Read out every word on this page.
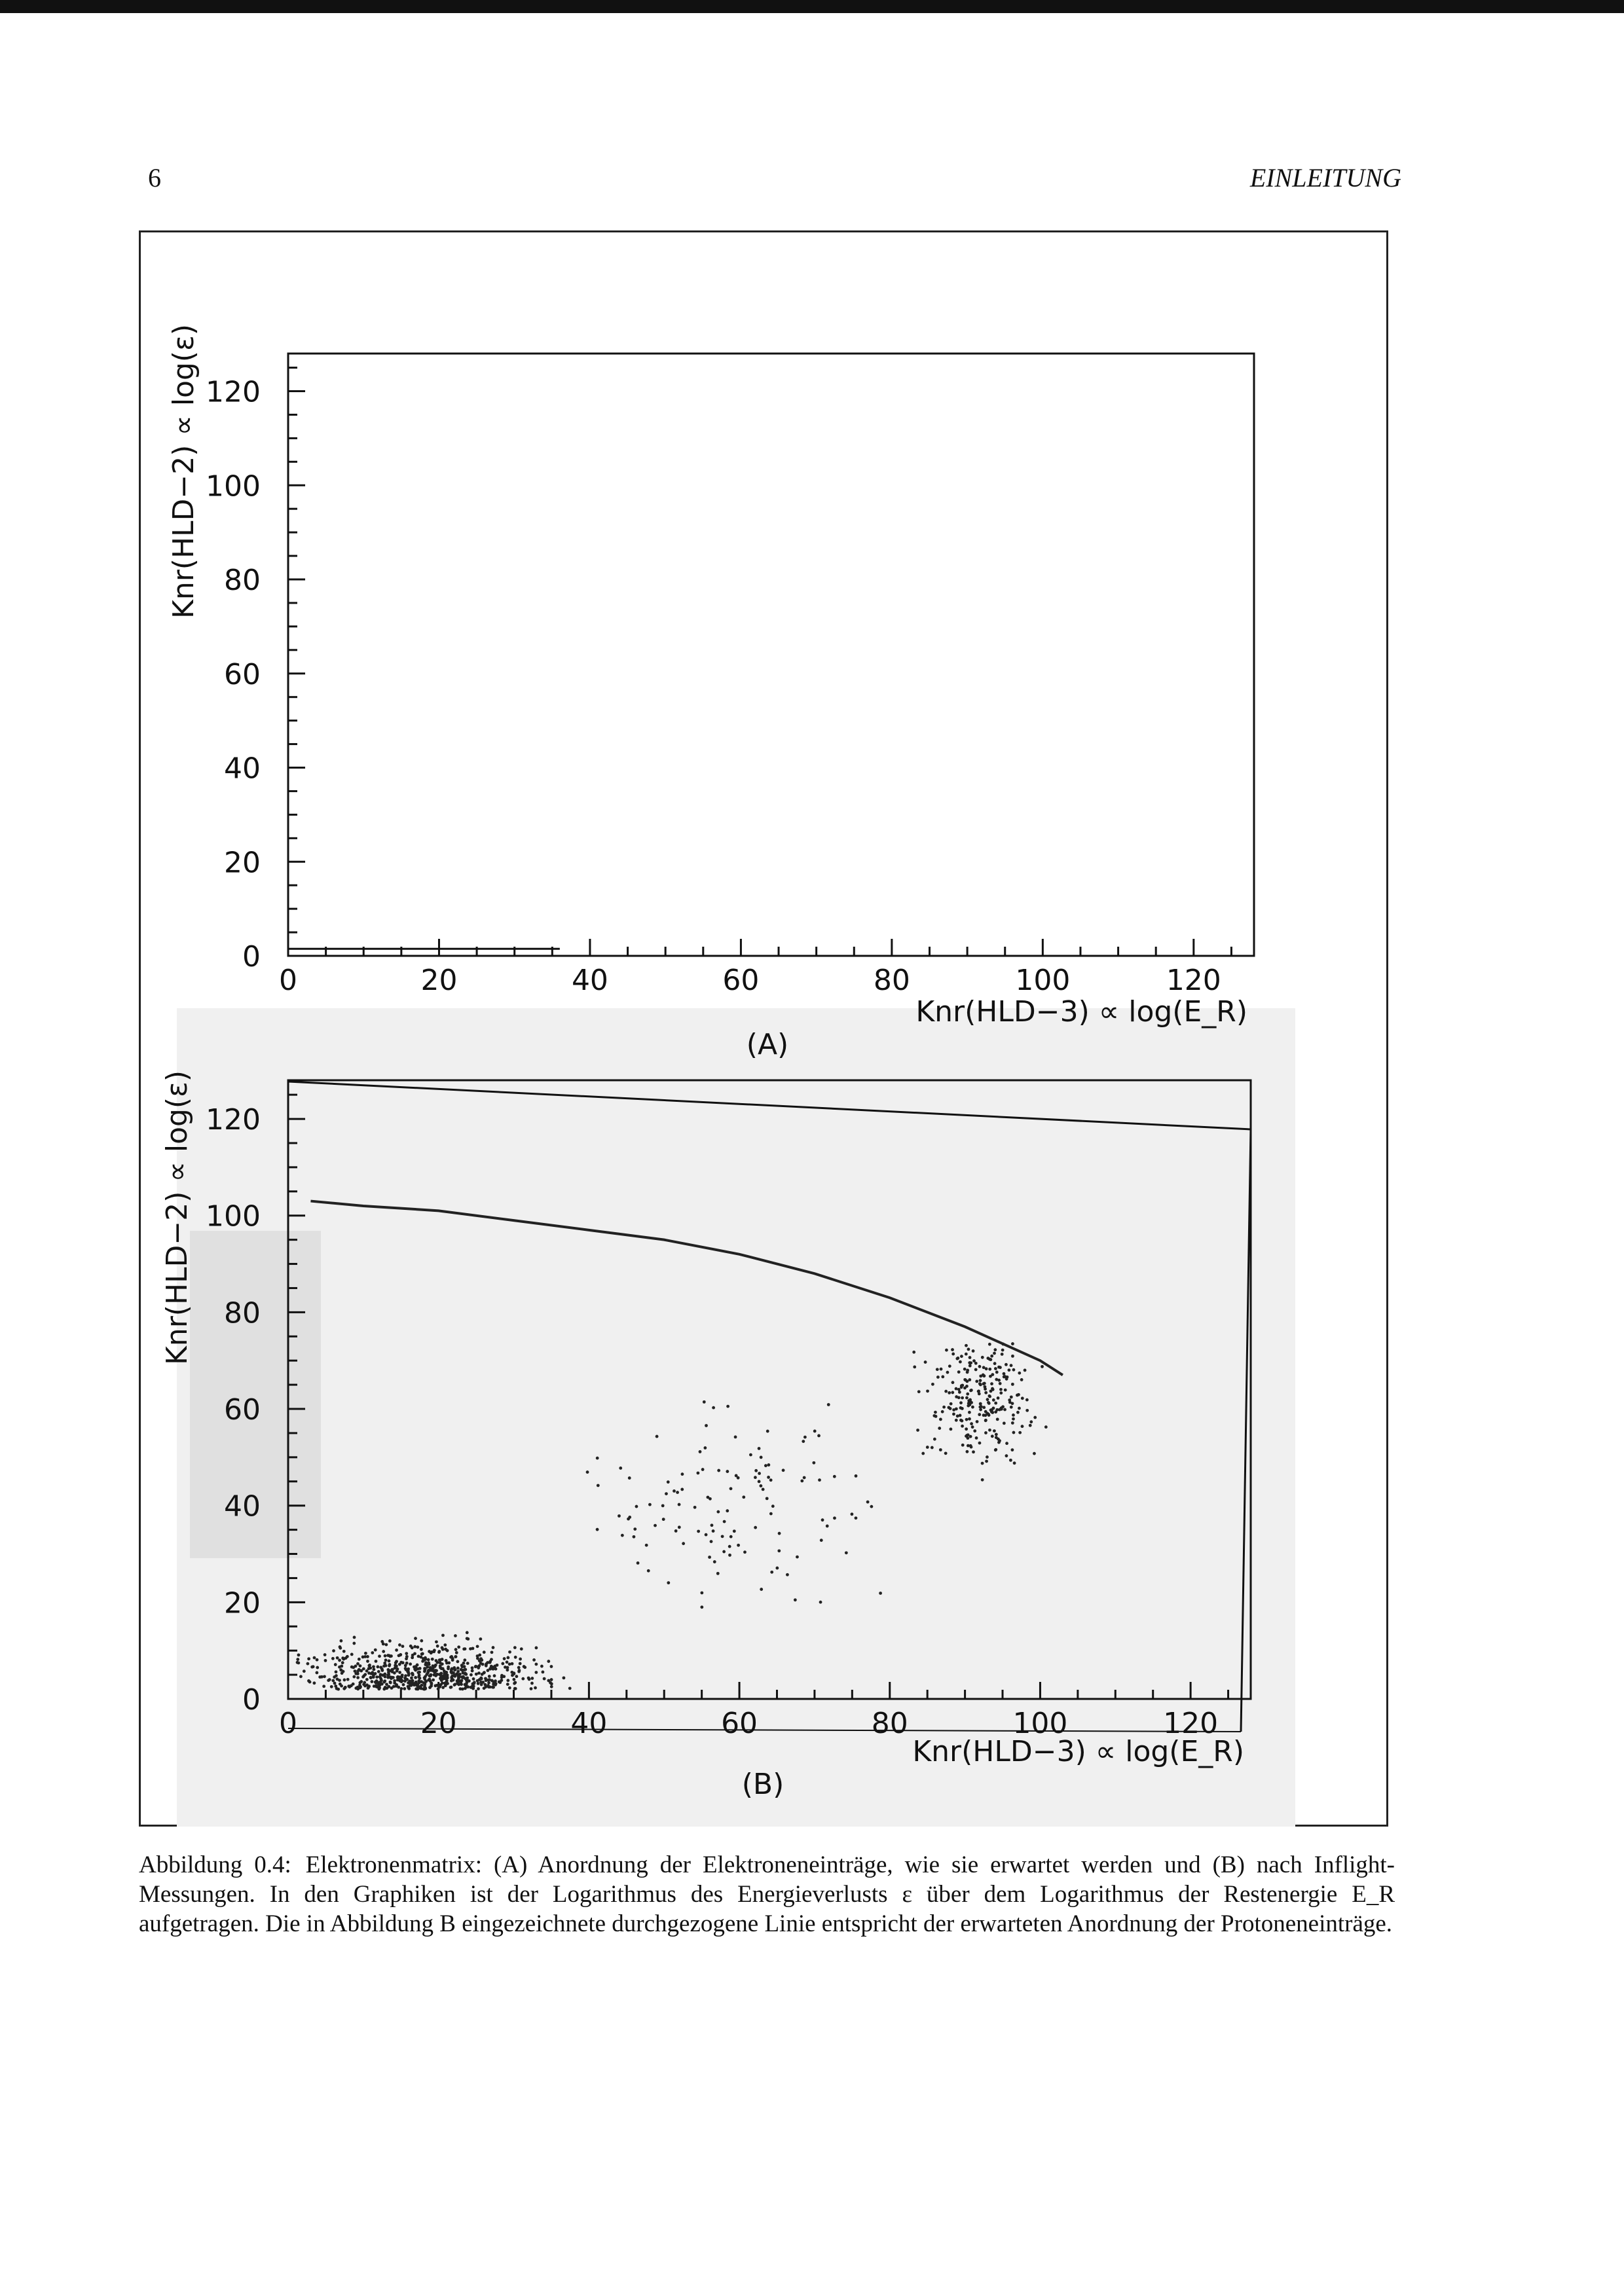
6	EINLEITUNG
0	20	40	60	80	100	120
0
20
40
60
80
100
120
Knr(HLD−2) ∝ log(ε)
Knr(HLD−3) ∝ log(E_R)
(A)
0	20	40	60	80	100	120
0
20
40
60
80
100
120
Knr(HLD−2) ∝ log(ε)
Knr(HLD−3) ∝ log(E_R)
(B)
Abbildung 0.4: Elektronenmatrix: (A) Anordnung der Elektroneneinträge, wie sie erwartet werden und (B) nach Inflight-Messungen. In den Graphiken ist der Logarithmus des Energieverlusts ε über dem Logarithmus der Restenergie E_R aufgetragen. Die in Abbildung B eingezeichnete durchgezogene Linie entspricht der erwarteten Anordnung der Protoneneinträge.
